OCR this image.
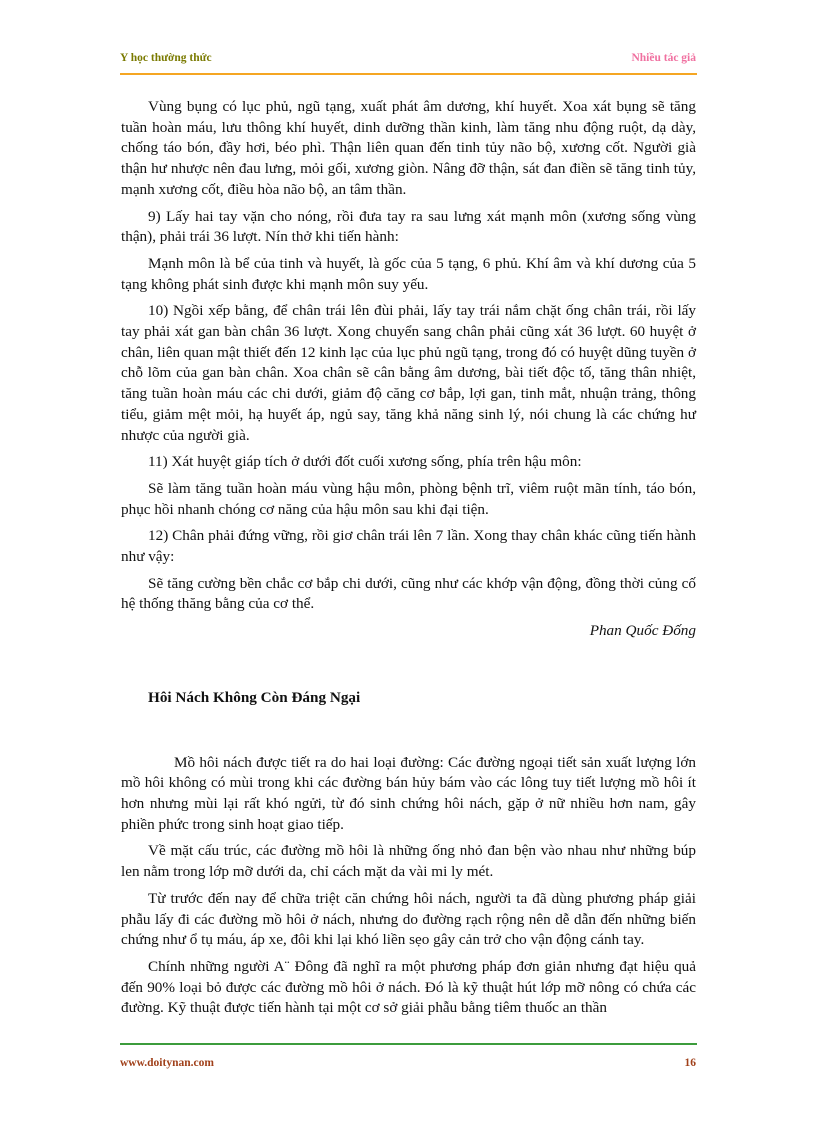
Y học thường thức	Nhiều tác giả

Vùng bụng có lục phủ, ngũ tạng, xuất phát âm dương, khí huyết. Xoa xát bụng sẽ tăng tuần hoàn máu, lưu thông khí huyết, dinh dưỡng thần kinh, làm tăng nhu động ruột, dạ dày, chống táo bón, đầy hơi, béo phì. Thận liên quan đến tinh tủy não bộ, xương cốt. Người già thận hư nhược nên đau lưng, mỏi gối, xương giòn. Nâng đỡ thận, sát đan điền sẽ tăng tinh tủy, mạnh xương cốt, điều hòa não bộ, an tâm thần.

9) Lấy hai tay vặn cho nóng, rồi đưa tay ra sau lưng xát mạnh môn (xương sống vùng thận), phải trái 36 lượt. Nín thở khi tiến hành:

Mạnh môn là bể của tinh và huyết, là gốc của 5 tạng, 6 phủ. Khí âm và khí dương của 5 tạng không phát sinh được khi mạnh môn suy yếu.

10) Ngồi xếp bằng, để chân trái lên đùi phải, lấy tay trái nắm chặt ống chân trái, rồi lấy tay phải xát gan bàn chân 36 lượt. Xong chuyển sang chân phải cũng xát 36 lượt. 60 huyệt ở chân, liên quan mật thiết đến 12 kinh lạc của lục phủ ngũ tạng, trong đó có huyệt dũng tuyền ở chỗ lõm của gan bàn chân. Xoa chân sẽ cân bằng âm dương, bài tiết độc tố, tăng thân nhiệt, tăng tuần hoàn máu các chi dưới, giảm độ căng cơ bắp, lợi gan, tinh mắt, nhuận trảng, thông tiểu, giảm mệt mỏi, hạ huyết áp, ngủ say, tăng khả năng sinh lý, nói chung là các chứng hư nhược của người già.

11) Xát huyệt giáp tích ở dưới đốt cuối xương sống, phía trên hậu môn:

Sẽ làm tăng tuần hoàn máu vùng hậu môn, phòng bệnh trĩ, viêm ruột mãn tính, táo bón, phục hồi nhanh chóng cơ năng của hậu môn sau khi đại tiện.

12) Chân phải đứng vững, rồi giơ chân trái lên 7 lần. Xong thay chân khác cũng tiến hành như vậy:

Sẽ tăng cường bền chắc cơ bắp chi dưới, cũng như các khớp vận động, đồng thời củng cố hệ thống thăng bằng của cơ thể.

Phan Quốc Đống

Hôi Nách Không Còn Đáng Ngại

Mồ hôi nách được tiết ra do hai loại đường: Các đường ngoại tiết sản xuất lượng lớn mồ hôi không có mùi trong khi các đường bán hủy bám vào các lông tuy tiết lượng mồ hôi ít hơn nhưng mùi lại rất khó ngửi, từ đó sinh chứng hôi nách, gặp ở nữ nhiều hơn nam, gây phiền phức trong sinh hoạt giao tiếp.

Về mặt cấu trúc, các đường mồ hôi là những ống nhỏ đan bện vào nhau như những búp len nằm trong lớp mỡ dưới da, chỉ cách mặt da vài mi ly mét.

Từ trước đến nay để chữa triệt căn chứng hôi nách, người ta đã dùng phương pháp giải phẫu lấy đi các đường mồ hôi ở nách, nhưng do đường rạch rộng nên dễ dẫn đến những biến chứng như ổ tụ máu, áp xe, đôi khi lại khó liền sẹo gây cản trở cho vận động cánh tay.

Chính những người A¨ Đông đã nghĩ ra một phương pháp đơn giản nhưng đạt hiệu quả đến 90% loại bỏ được các đường mồ hôi ở nách. Đó là kỹ thuật hút lớp mỡ nông có chứa các đường. Kỹ thuật được tiến hành tại một cơ sở giải phẫu bằng tiêm thuốc an thần

www.doitynan.com	16
